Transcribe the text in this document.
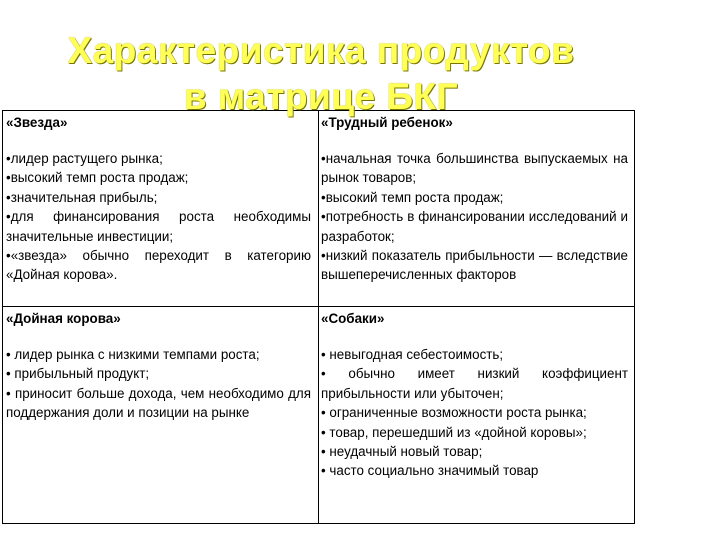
Характеристика продуктов
в матрице БКГ
«Звезда»
•лидер растущего рынка;
•высокий темп роста продаж;
•значительная прибыль;
•для финансирования роста необходимы значительные инвестиции;
•«звезда» обычно переходит в категорию «Дойная корова».
«Трудный ребенок»
•начальная точка большинства выпускаемых на рынок товаров;
•высокий темп роста продаж;
•потребность в финансировании исследований и разработок;
•низкий показатель прибыльности — вследствие вышеперечисленных факторов
«Дойная корова»
• лидер рынка с низкими темпами роста;
• прибыльный продукт;
• приносит больше дохода, чем необходимо для поддержания доли и позиции на рынке
«Собаки»
• невыгодная себестоимость;
• обычно имеет низкий коэффициент прибыльности или убыточен;
• ограниченные возможности роста рынка;
• товар, перешедший из «дойной коровы»;
• неудачный новый товар;
• часто социально значимый товар
